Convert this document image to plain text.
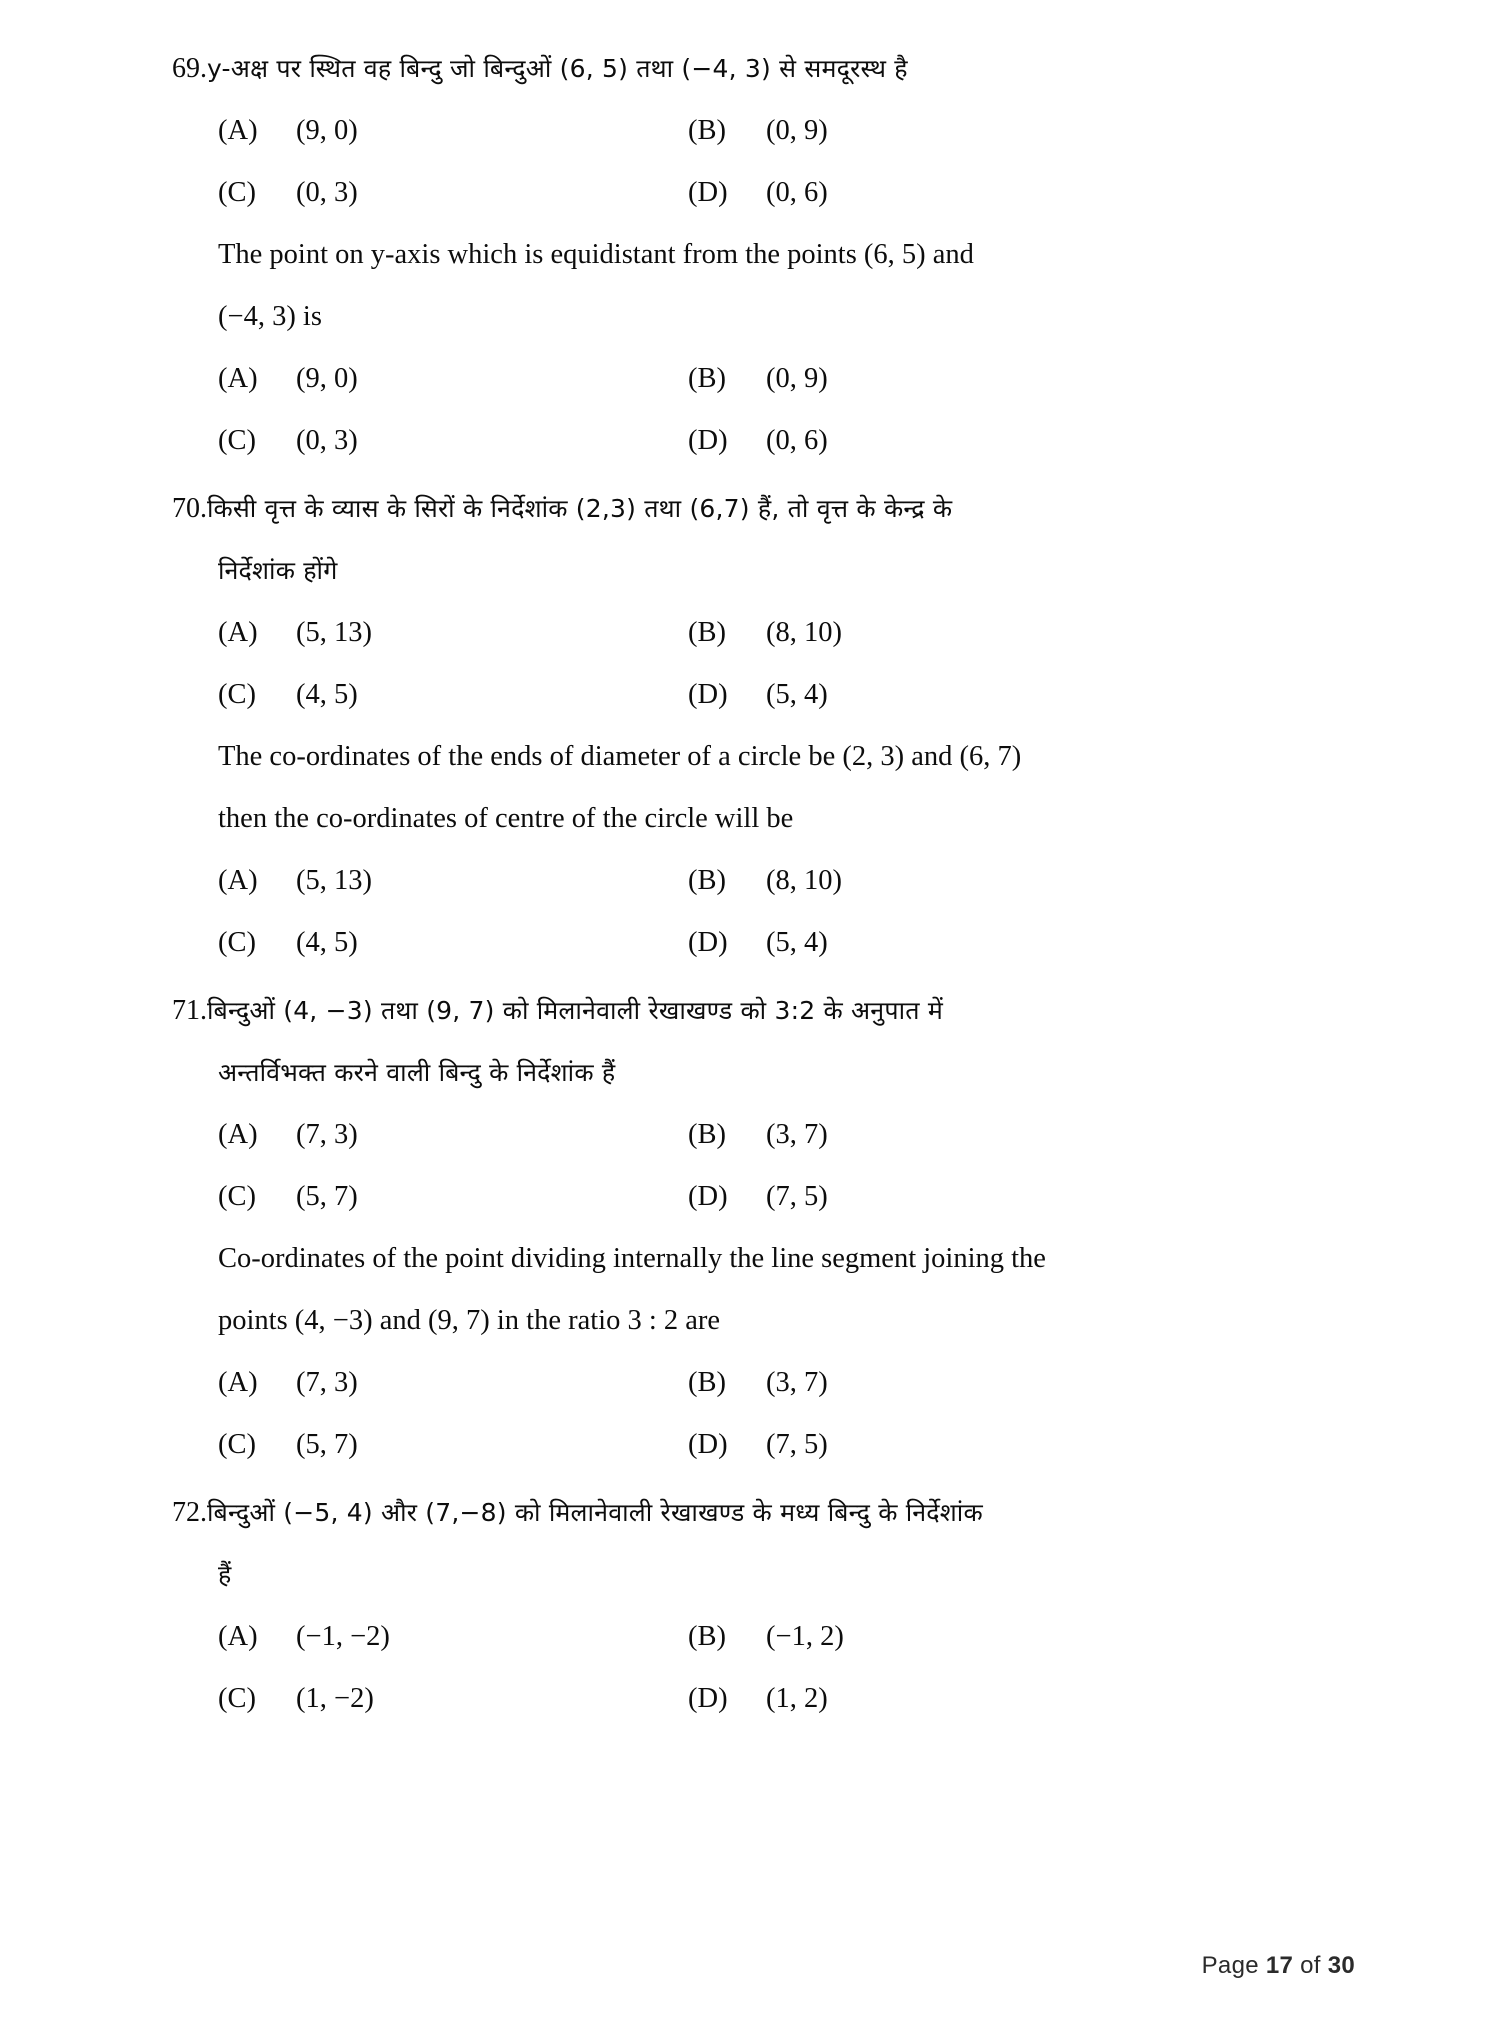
69. y-अक्ष पर स्थित वह बिन्दु जो बिन्दुओं (6, 5) तथा (−4, 3) से समदूरस्थ है
(A)	(9, 0)	(B)	(0, 9)
(C)	(0, 3)	(D)	(0, 6)
The point on y-axis which is equidistant from the points (6, 5) and
(−4, 3) is
(A)	(9, 0)	(B)	(0, 9)
(C)	(0, 3)	(D)	(0, 6)
70. किसी वृत्त के व्यास के सिरों के निर्देशांक (2,3) तथा (6,7) हैं, तो वृत्त के केन्द्र के
निर्देशांक होंगे
(A)	(5, 13)	(B)	(8, 10)
(C)	(4, 5)	(D)	(5, 4)
The co-ordinates of the ends of diameter of a circle be (2, 3) and (6, 7)
then the co-ordinates of centre of the circle will be
(A)	(5, 13)	(B)	(8, 10)
(C)	(4, 5)	(D)	(5, 4)
71. बिन्दुओं (4, −3) तथा (9, 7) को मिलानेवाली रेखाखण्ड को 3:2 के अनुपात में
अन्तर्विभक्त करने वाली बिन्दु के निर्देशांक हैं
(A)	(7, 3)	(B)	(3, 7)
(C)	(5, 7)	(D)	(7, 5)
Co-ordinates of the point dividing internally the line segment joining the
points (4, −3) and (9, 7) in the ratio 3 : 2 are
(A)	(7, 3)	(B)	(3, 7)
(C)	(5, 7)	(D)	(7, 5)
72. बिन्दुओं (−5, 4) और (7,−8) को मिलानेवाली रेखाखण्ड के मध्य बिन्दु के निर्देशांक
हैं
(A)	(−1, −2)	(B)	(−1, 2)
(C)	(1, −2)	(D)	(1, 2)
Page 17 of 30
